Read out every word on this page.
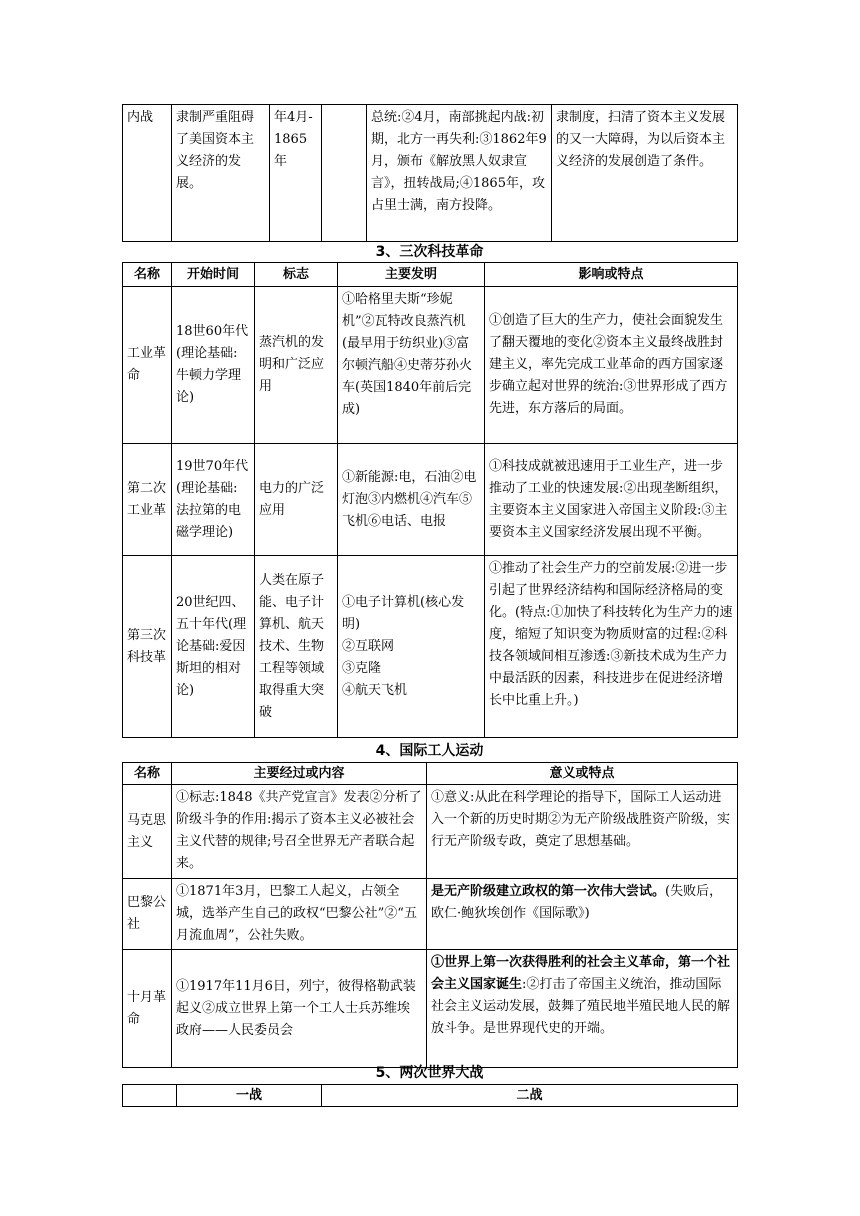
内战	隶制严重阻碍了美国资本主义经济的发展。	年4月-1865年		总统:②4月，南部挑起内战:初期，北方一再失利:③1862年9月，颁布《解放黑人奴隶宣言》，扭转战局;④1865年，攻占里士满，南方投降。	隶制度，扫清了资本主义发展的又一大障碍，为以后资本主义经济的发展创造了条件。
3、三次科技革命
名称	开始时间	标志	主要发明	影响或特点
工业革命	18世60年代(理论基础:牛顿力学理论)	蒸汽机的发明和广泛应用	①哈格里夫斯“珍妮机”②瓦特改良蒸汽机(最早用于纺织业)③富尔顿汽船④史蒂芬孙火车(英国1840年前后完成)	①创造了巨大的生产力，使社会面貌发生了翻天覆地的变化②资本主义最终战胜封建主义，率先完成工业革命的西方国家逐步确立起对世界的统治:③世界形成了西方先进，东方落后的局面。
第二次工业革	19世70年代(理论基础:法拉第的电磁学理论)	电力的广泛应用	①新能源:电，石油②电灯泡③内燃机④汽车⑤飞机⑥电话、电报	①科技成就被迅速用于工业生产，进一步推动了工业的快速发展:②出现垄断组织，主要资本主义国家进入帝国主义阶段:③主要资本主义国家经济发展出现不平衡。
第三次科技革	20世纪四、五十年代(理论基础:爱因斯坦的相对论)	人类在原子能、电子计算机、航天技术、生物工程等领域取得重大突破	①电子计算机(核心发明)
②互联网
③克隆
④航天飞机	①推动了社会生产力的空前发展:②进一步引起了世界经济结构和国际经济格局的变化。(特点:①加快了科技转化为生产力的速度，缩短了知识变为物质财富的过程:②科技各领域间相互渗透:③新技术成为生产力中最活跃的因素，科技进步在促进经济增长中比重上升。)
4、国际工人运动
名称	主要经过或内容	意义或特点
马克思主义	①标志:1848《共产党宣言》发表②分析了阶级斗争的作用:揭示了资本主义必被社会主义代替的规律;号召全世界无产者联合起来。	①意义:从此在科学理论的指导下，国际工人运动进入一个新的历史时期②为无产阶级战胜资产阶级，实行无产阶级专政，奠定了思想基础。
巴黎公社	①1871年3月，巴黎工人起义，占领全城，选举产生自己的政权“巴黎公社”②“五月流血周”，公社失败。	是无产阶级建立政权的第一次伟大尝试。(失败后，欧仁·鲍狄埃创作《国际歌》)
十月革命	①1917年11月6日，列宁，彼得格勒武装起义②成立世界上第一个工人士兵苏维埃政府——人民委员会	①世界上第一次获得胜利的社会主义革命，第一个社会主义国家诞生:②打击了帝国主义统治，推动国际社会主义运动发展，鼓舞了殖民地半殖民地人民的解放斗争。是世界现代史的开端。
5、两次世界大战
	一战	二战
